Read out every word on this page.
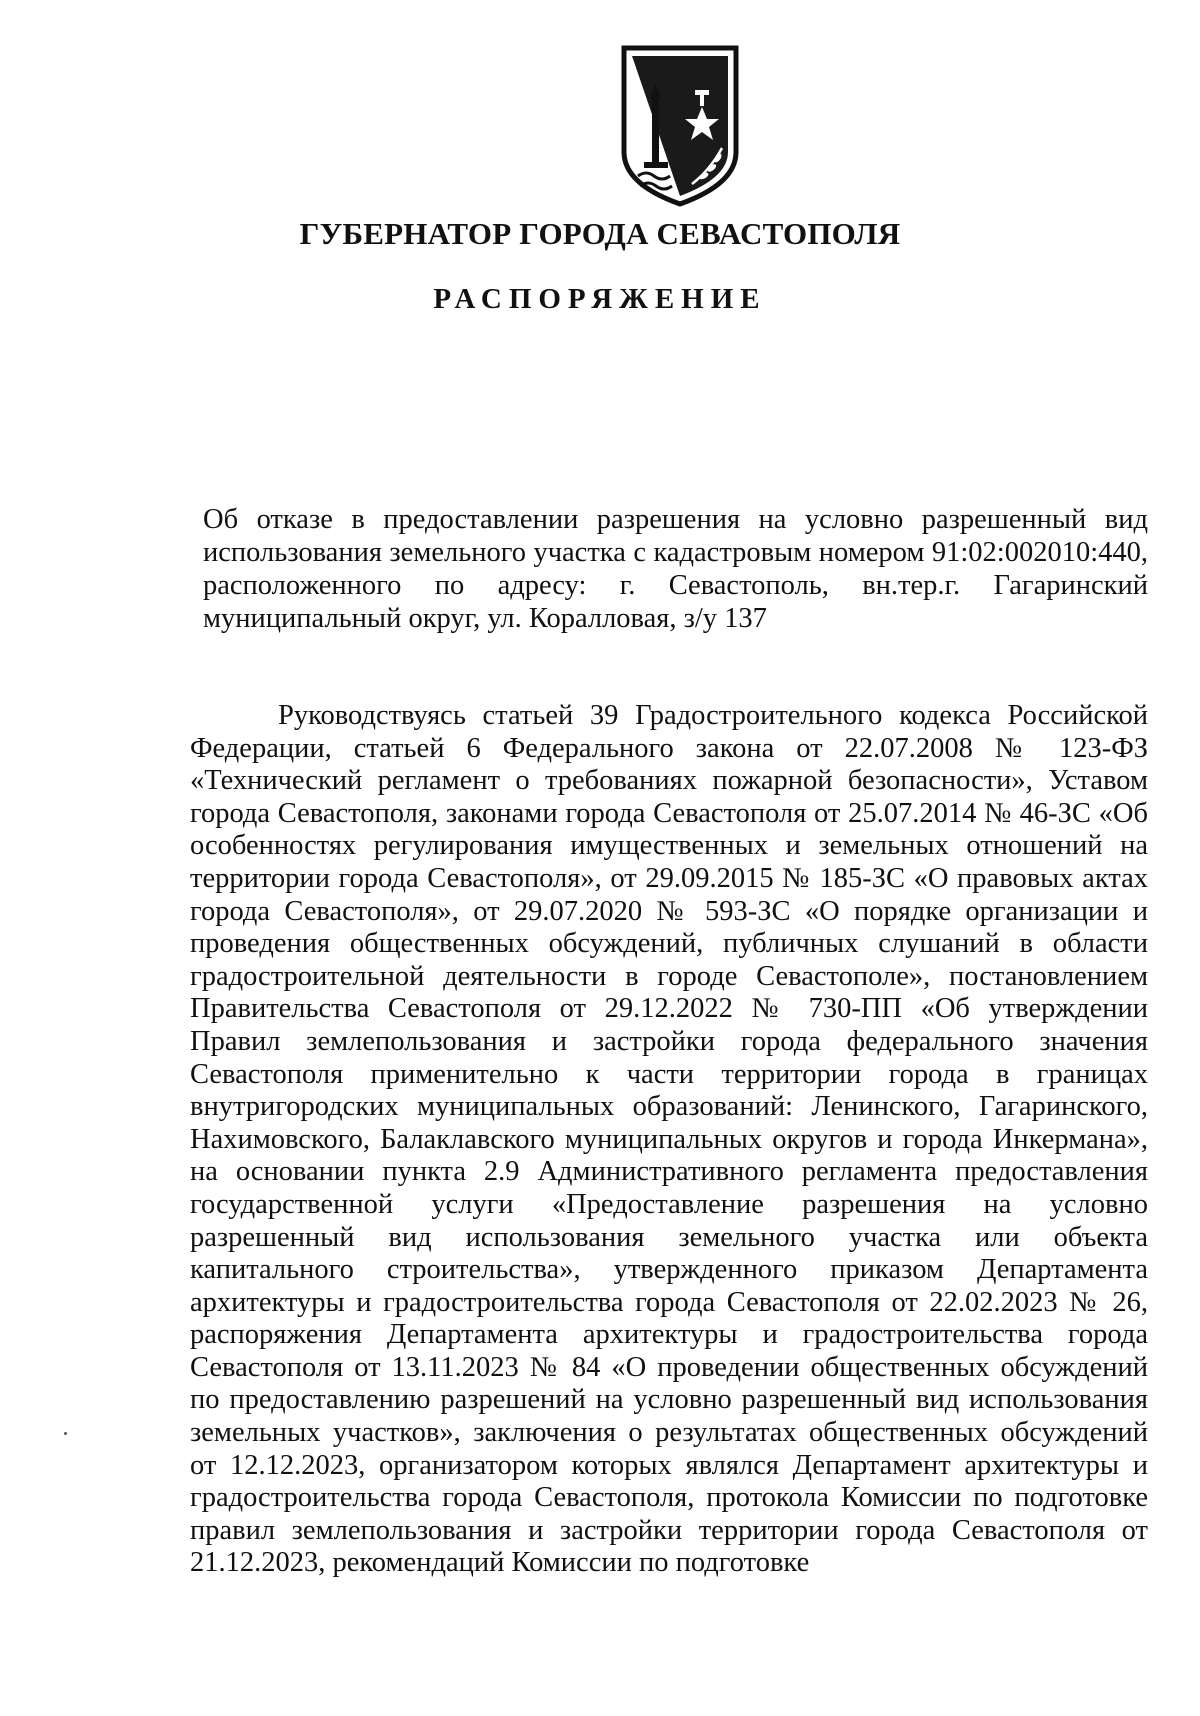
ГУБЕРНАТОР ГОРОДА СЕВАСТОПОЛЯ
РАСПОРЯЖЕНИЕ
Об отказе в предоставлении разрешения на условно разрешенный вид использования земельного участка с кадастровым номером 91:02:002010:440, расположенного по адресу: г. Севастополь, вн.тер.г. Гагаринский муниципальный округ, ул. Коралловая, з/у 137

Руководствуясь статьей 39 Градостроительного кодекса Российской Федерации, статьей 6 Федерального закона от 22.07.2008 № 123-ФЗ «Технический регламент о требованиях пожарной безопасности», Уставом города Севастополя, законами города Севастополя от 25.07.2014 № 46-ЗС «Об особенностях регулирования имущественных и земельных отношений на территории города Севастополя», от 29.09.2015 № 185-ЗС «О правовых актах города Севастополя», от 29.07.2020 № 593-ЗС «О порядке организации и проведения общественных обсуждений, публичных слушаний в области градостроительной деятельности в городе Севастополе», постановлением Правительства Севастополя от 29.12.2022 № 730-ПП «Об утверждении Правил землепользования и застройки города федерального значения Севастополя применительно к части территории города в границах внутригородских муниципальных образований: Ленинского, Гагаринского, Нахимовского, Балаклавского муниципальных округов и города Инкермана», на основании пункта 2.9 Административного регламента предоставления государственной услуги «Предоставление разрешения на условно разрешенный вид использования земельного участка или объекта капитального строительства», утвержденного приказом Департамента архитектуры и градостроительства города Севастополя от 22.02.2023 № 26, распоряжения Департамента архитектуры и градостроительства города Севастополя от 13.11.2023 № 84 «О проведении общественных обсуждений по предоставлению разрешений на условно разрешенный вид использования земельных участков», заключения о результатах общественных обсуждений от 12.12.2023, организатором которых являлся Департамент архитектуры и градостроительства города Севастополя, протокола Комиссии по подготовке правил землепользования и застройки территории города Севастополя от 21.12.2023, рекомендаций Комиссии по подготовке
